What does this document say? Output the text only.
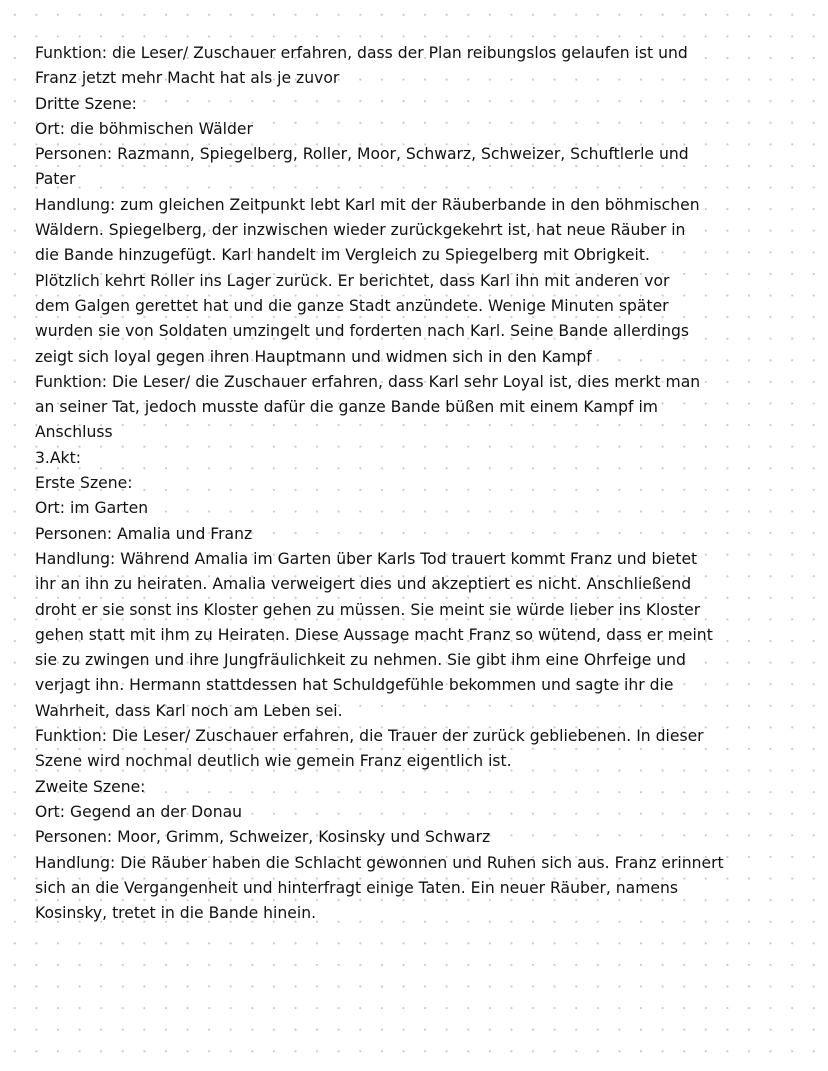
Funktion: die Leser/ Zuschauer erfahren, dass der Plan reibungslos gelaufen ist und
Franz jetzt mehr Macht hat als je zuvor
Dritte Szene:
Ort: die böhmischen Wälder
Personen: Razmann, Spiegelberg, Roller, Moor, Schwarz, Schweizer, Schuftlerle und
Pater
Handlung: zum gleichen Zeitpunkt lebt Karl mit der Räuberbande in den böhmischen
Wäldern. Spiegelberg, der inzwischen wieder zurückgekehrt ist, hat neue Räuber in
die Bande hinzugefügt. Karl handelt im Vergleich zu Spiegelberg mit Obrigkeit.
Plötzlich kehrt Roller ins Lager zurück. Er berichtet, dass Karl ihn mit anderen vor
dem Galgen gerettet hat und die ganze Stadt anzündete. Wenige Minuten später
wurden sie von Soldaten umzingelt und forderten nach Karl. Seine Bande allerdings
zeigt sich loyal gegen ihren Hauptmann und widmen sich in den Kampf
Funktion: Die Leser/ die Zuschauer erfahren, dass Karl sehr Loyal ist, dies merkt man
an seiner Tat, jedoch musste dafür die ganze Bande büßen mit einem Kampf im
Anschluss
3.Akt:
Erste Szene:
Ort: im Garten
Personen: Amalia und Franz
Handlung: Während Amalia im Garten über Karls Tod trauert kommt Franz und bietet
ihr an ihn zu heiraten. Amalia verweigert dies und akzeptiert es nicht. Anschließend
droht er sie sonst ins Kloster gehen zu müssen. Sie meint sie würde lieber ins Kloster
gehen statt mit ihm zu Heiraten. Diese Aussage macht Franz so wütend, dass er meint
sie zu zwingen und ihre Jungfräulichkeit zu nehmen. Sie gibt ihm eine Ohrfeige und
verjagt ihn. Hermann stattdessen hat Schuldgefühle bekommen und sagte ihr die
Wahrheit, dass Karl noch am Leben sei.
Funktion: Die Leser/ Zuschauer erfahren, die Trauer der zurück gebliebenen. In dieser
Szene wird nochmal deutlich wie gemein Franz eigentlich ist.
Zweite Szene:
Ort: Gegend an der Donau
Personen: Moor, Grimm, Schweizer, Kosinsky und Schwarz
Handlung: Die Räuber haben die Schlacht gewonnen und Ruhen sich aus. Franz erinnert
sich an die Vergangenheit und hinterfragt einige Taten. Ein neuer Räuber, namens
Kosinsky, tretet in die Bande hinein.
